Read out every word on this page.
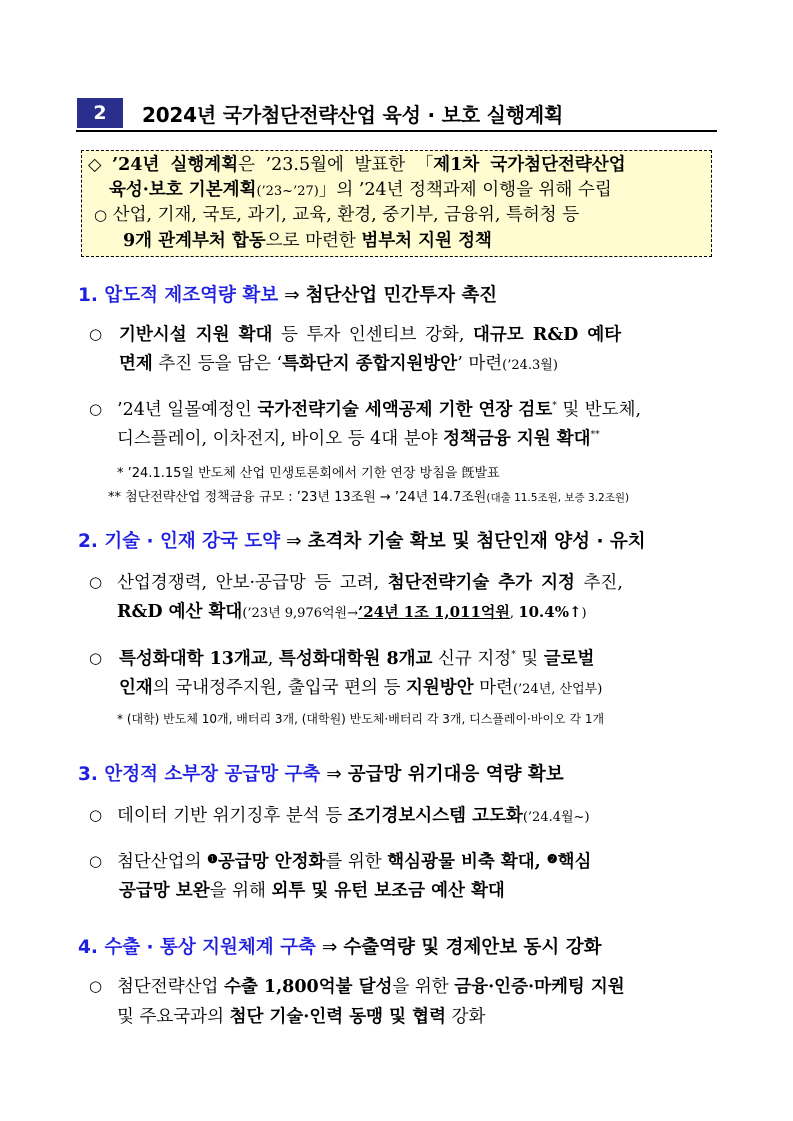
2	2024년 국가첨단전략산업 육성 · 보호 실행계획
◇ ’24년 실행계획은 ’23.5월에 발표한 「제1차 국가첨단전략산업
육성·보호 기본계획(’23~’27)」의 ’24년 정책과제 이행을 위해 수립
○ 산업, 기재, 국토, 과기, 교육, 환경, 중기부, 금융위, 특허청 등
9개 관계부처 합동으로 마련한 범부처 지원 정책
1. 압도적 제조역량 확보 ⇒ 첨단산업 민간투자 촉진
○ 기반시설 지원 확대 등 투자 인센티브 강화, 대규모 R&D 예타
면제 추진 등을 담은 ‘특화단지 종합지원방안’ 마련(’24.3월)
○ ’24년 일몰예정인 국가전략기술 세액공제 기한 연장 검토* 및 반도체,
디스플레이, 이차전지, 바이오 등 4대 분야 정책금융 지원 확대**
* ’24.1.15일 반도체 산업 민생토론회에서 기한 연장 방침을 旣발표
** 첨단전략산업 정책금융 규모 : ’23년 13조원 → ’24년 14.7조원(대출 11.5조원, 보증 3.2조원)
2. 기술 · 인재 강국 도약 ⇒ 초격차 기술 확보 및 첨단인재 양성 · 유치
○ 산업경쟁력, 안보·공급망 등 고려, 첨단전략기술 추가 지정 추진,
R&D 예산 확대(’23년 9,976억원→’24년 1조 1,011억원, 10.4%↑)
○ 특성화대학 13개교, 특성화대학원 8개교 신규 지정* 및 글로벌
인재의 국내정주지원, 출입국 편의 등 지원방안 마련(’24년, 산업부)
* (대학) 반도체 10개, 배터리 3개, (대학원) 반도체·배터리 각 3개, 디스플레이·바이오 각 1개
3. 안정적 소부장 공급망 구축 ⇒ 공급망 위기대응 역량 확보
○ 데이터 기반 위기징후 분석 등 조기경보시스템 고도화(’24.4월~)
○ 첨단산업의 $^❶$공급망 안정화를 위한 핵심광물 비축 확대, $^❷$핵심
공급망 보완을 위해 외투 및 유턴 보조금 예산 확대
4. 수출 · 통상 지원체계 구축 ⇒ 수출역량 및 경제안보 동시 강화
○ 첨단전략산업 수출 1,800억불 달성을 위한 금융·인증·마케팅 지원
및 주요국과의 첨단 기술·인력 동맹 및 협력 강화
